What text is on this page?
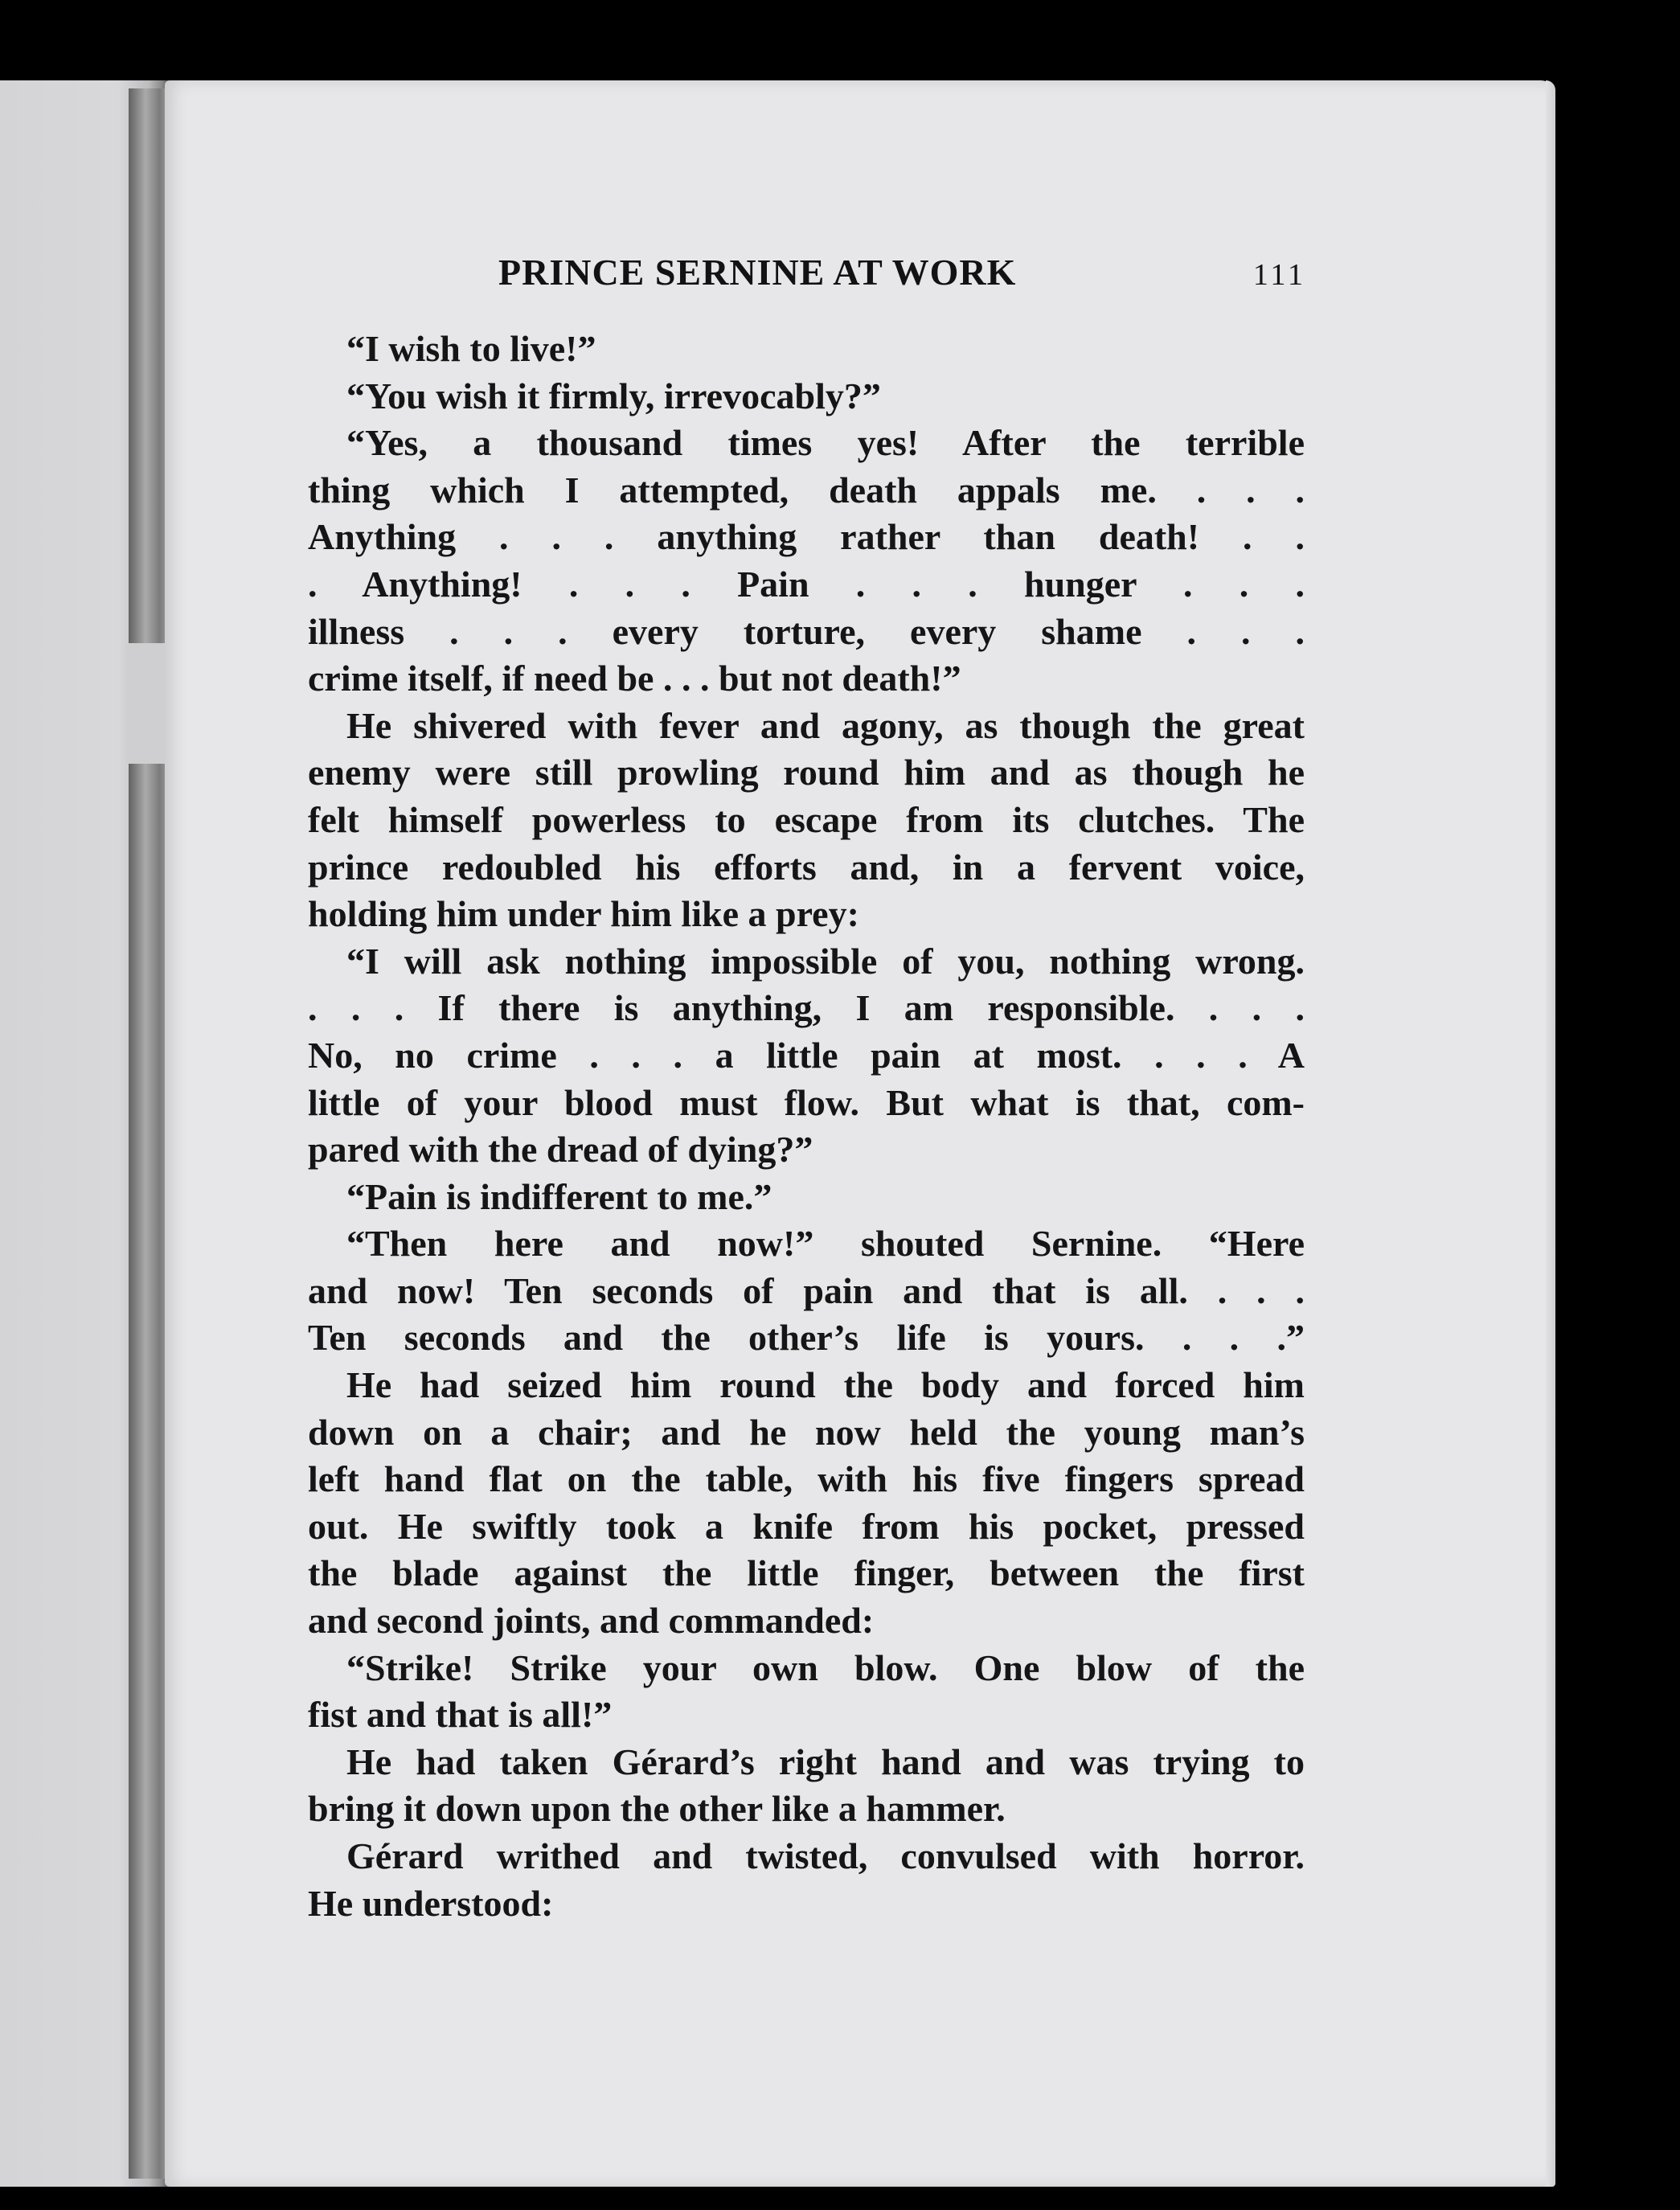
PRINCE SERNINE AT WORK	111
“I wish to live!”
“You wish it firmly, irrevocably?”
“Yes, a thousand times yes! After the terrible
thing which I attempted, death appals me. . . .
Anything . . . anything rather than death! . .
. Anything! . . . Pain . . . hunger . . .
illness . . . every torture, every shame . . .
crime itself, if need be . . . but not death!”
He shivered with fever and agony, as though the great
enemy were still prowling round him and as though he
felt himself powerless to escape from its clutches. The
prince redoubled his efforts and, in a fervent voice,
holding him under him like a prey:
“I will ask nothing impossible of you, nothing wrong.
. . . If there is anything, I am responsible. . . .
No, no crime . . . a little pain at most. . . . A
little of your blood must flow. But what is that, com-
pared with the dread of dying?”
“Pain is indifferent to me.”
“Then here and now!” shouted Sernine. “Here
and now! Ten seconds of pain and that is all. . . .
Ten seconds and the other’s life is yours. . . .”
He had seized him round the body and forced him
down on a chair; and he now held the young man’s
left hand flat on the table, with his five fingers spread
out. He swiftly took a knife from his pocket, pressed
the blade against the little finger, between the first
and second joints, and commanded:
“Strike! Strike your own blow. One blow of the
fist and that is all!”
He had taken Gérard’s right hand and was trying to
bring it down upon the other like a hammer.
Gérard writhed and twisted, convulsed with horror.
He understood:
